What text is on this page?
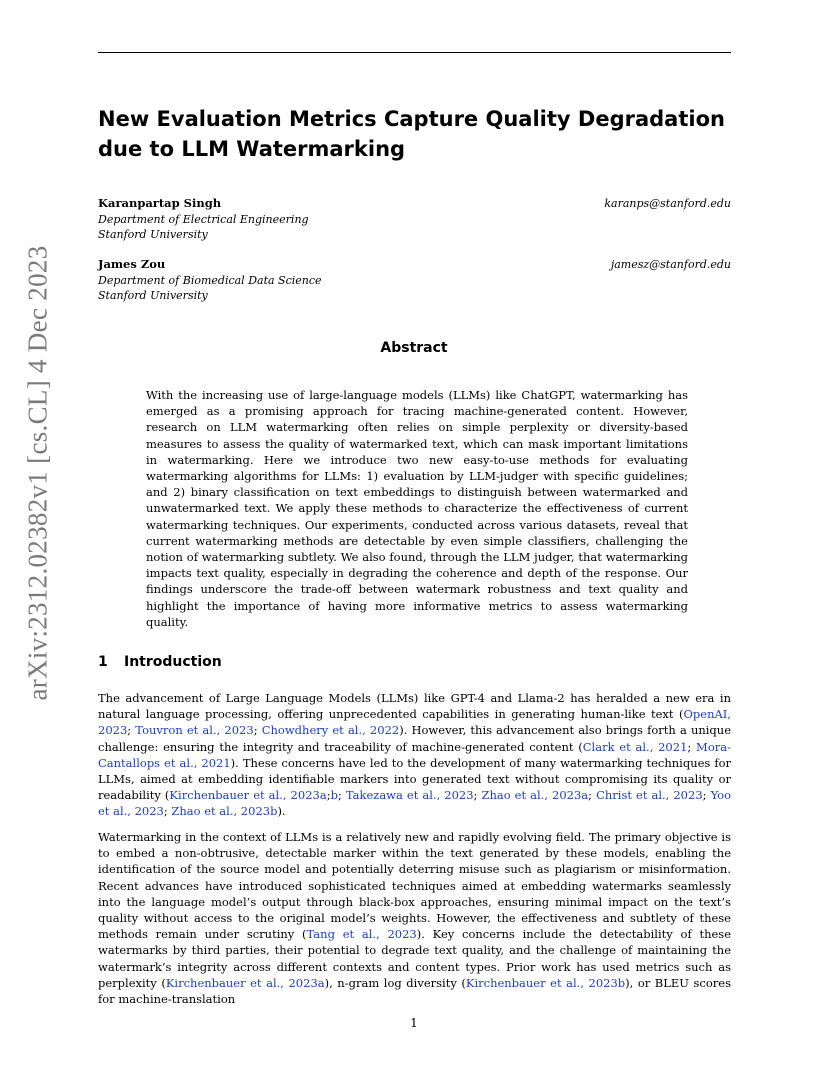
arXiv:2312.02382v1 [cs.CL] 4 Dec 2023
New Evaluation Metrics Capture Quality Degradation due to LLM Watermarking
Karanpartap Singh
Department of Electrical Engineering
Stanford University
karanps@stanford.edu
James Zou
Department of Biomedical Data Science
Stanford University
jamesz@stanford.edu
Abstract

With the increasing use of large-language models (LLMs) like ChatGPT, watermarking has emerged as a promising approach for tracing machine-generated content. However, research on LLM watermarking often relies on simple perplexity or diversity-based measures to assess the quality of watermarked text, which can mask important limitations in watermarking. Here we introduce two new easy-to-use methods for evaluating watermarking algorithms for LLMs: 1) evaluation by LLM-judger with specific guidelines; and 2) binary classification on text embeddings to distinguish between watermarked and unwatermarked text. We apply these methods to characterize the effectiveness of current watermarking techniques. Our experiments, conducted across various datasets, reveal that current watermarking methods are detectable by even simple classifiers, challenging the notion of watermarking subtlety. We also found, through the LLM judger, that watermarking impacts text quality, especially in degrading the coherence and depth of the response. Our findings underscore the trade-off between watermark robustness and text quality and highlight the importance of having more informative metrics to assess watermarking quality.

1 Introduction

The advancement of Large Language Models (LLMs) like GPT-4 and Llama-2 has heralded a new era in natural language processing, offering unprecedented capabilities in generating human-like text (OpenAI, 2023; Touvron et al., 2023; Chowdhery et al., 2022). However, this advancement also brings forth a unique challenge: ensuring the integrity and traceability of machine-generated content (Clark et al., 2021; Mora-Cantallops et al., 2021). These concerns have led to the development of many watermarking techniques for LLMs, aimed at embedding identifiable markers into generated text without compromising its quality or readability (Kirchenbauer et al., 2023a;b; Takezawa et al., 2023; Zhao et al., 2023a; Christ et al., 2023; Yoo et al., 2023; Zhao et al., 2023b).

Watermarking in the context of LLMs is a relatively new and rapidly evolving field. The primary objective is to embed a non-obtrusive, detectable marker within the text generated by these models, enabling the identification of the source model and potentially deterring misuse such as plagiarism or misinformation. Recent advances have introduced sophisticated techniques aimed at embedding watermarks seamlessly into the language model’s output through black-box approaches, ensuring minimal impact on the text’s quality without access to the original model’s weights. However, the effectiveness and subtlety of these methods remain under scrutiny (Tang et al., 2023). Key concerns include the detectability of these watermarks by third parties, their potential to degrade text quality, and the challenge of maintaining the watermark’s integrity across different contexts and content types. Prior work has used metrics such as perplexity (Kirchenbauer et al., 2023a), n-gram log diversity (Kirchenbauer et al., 2023b), or BLEU scores for machine-translation

1
